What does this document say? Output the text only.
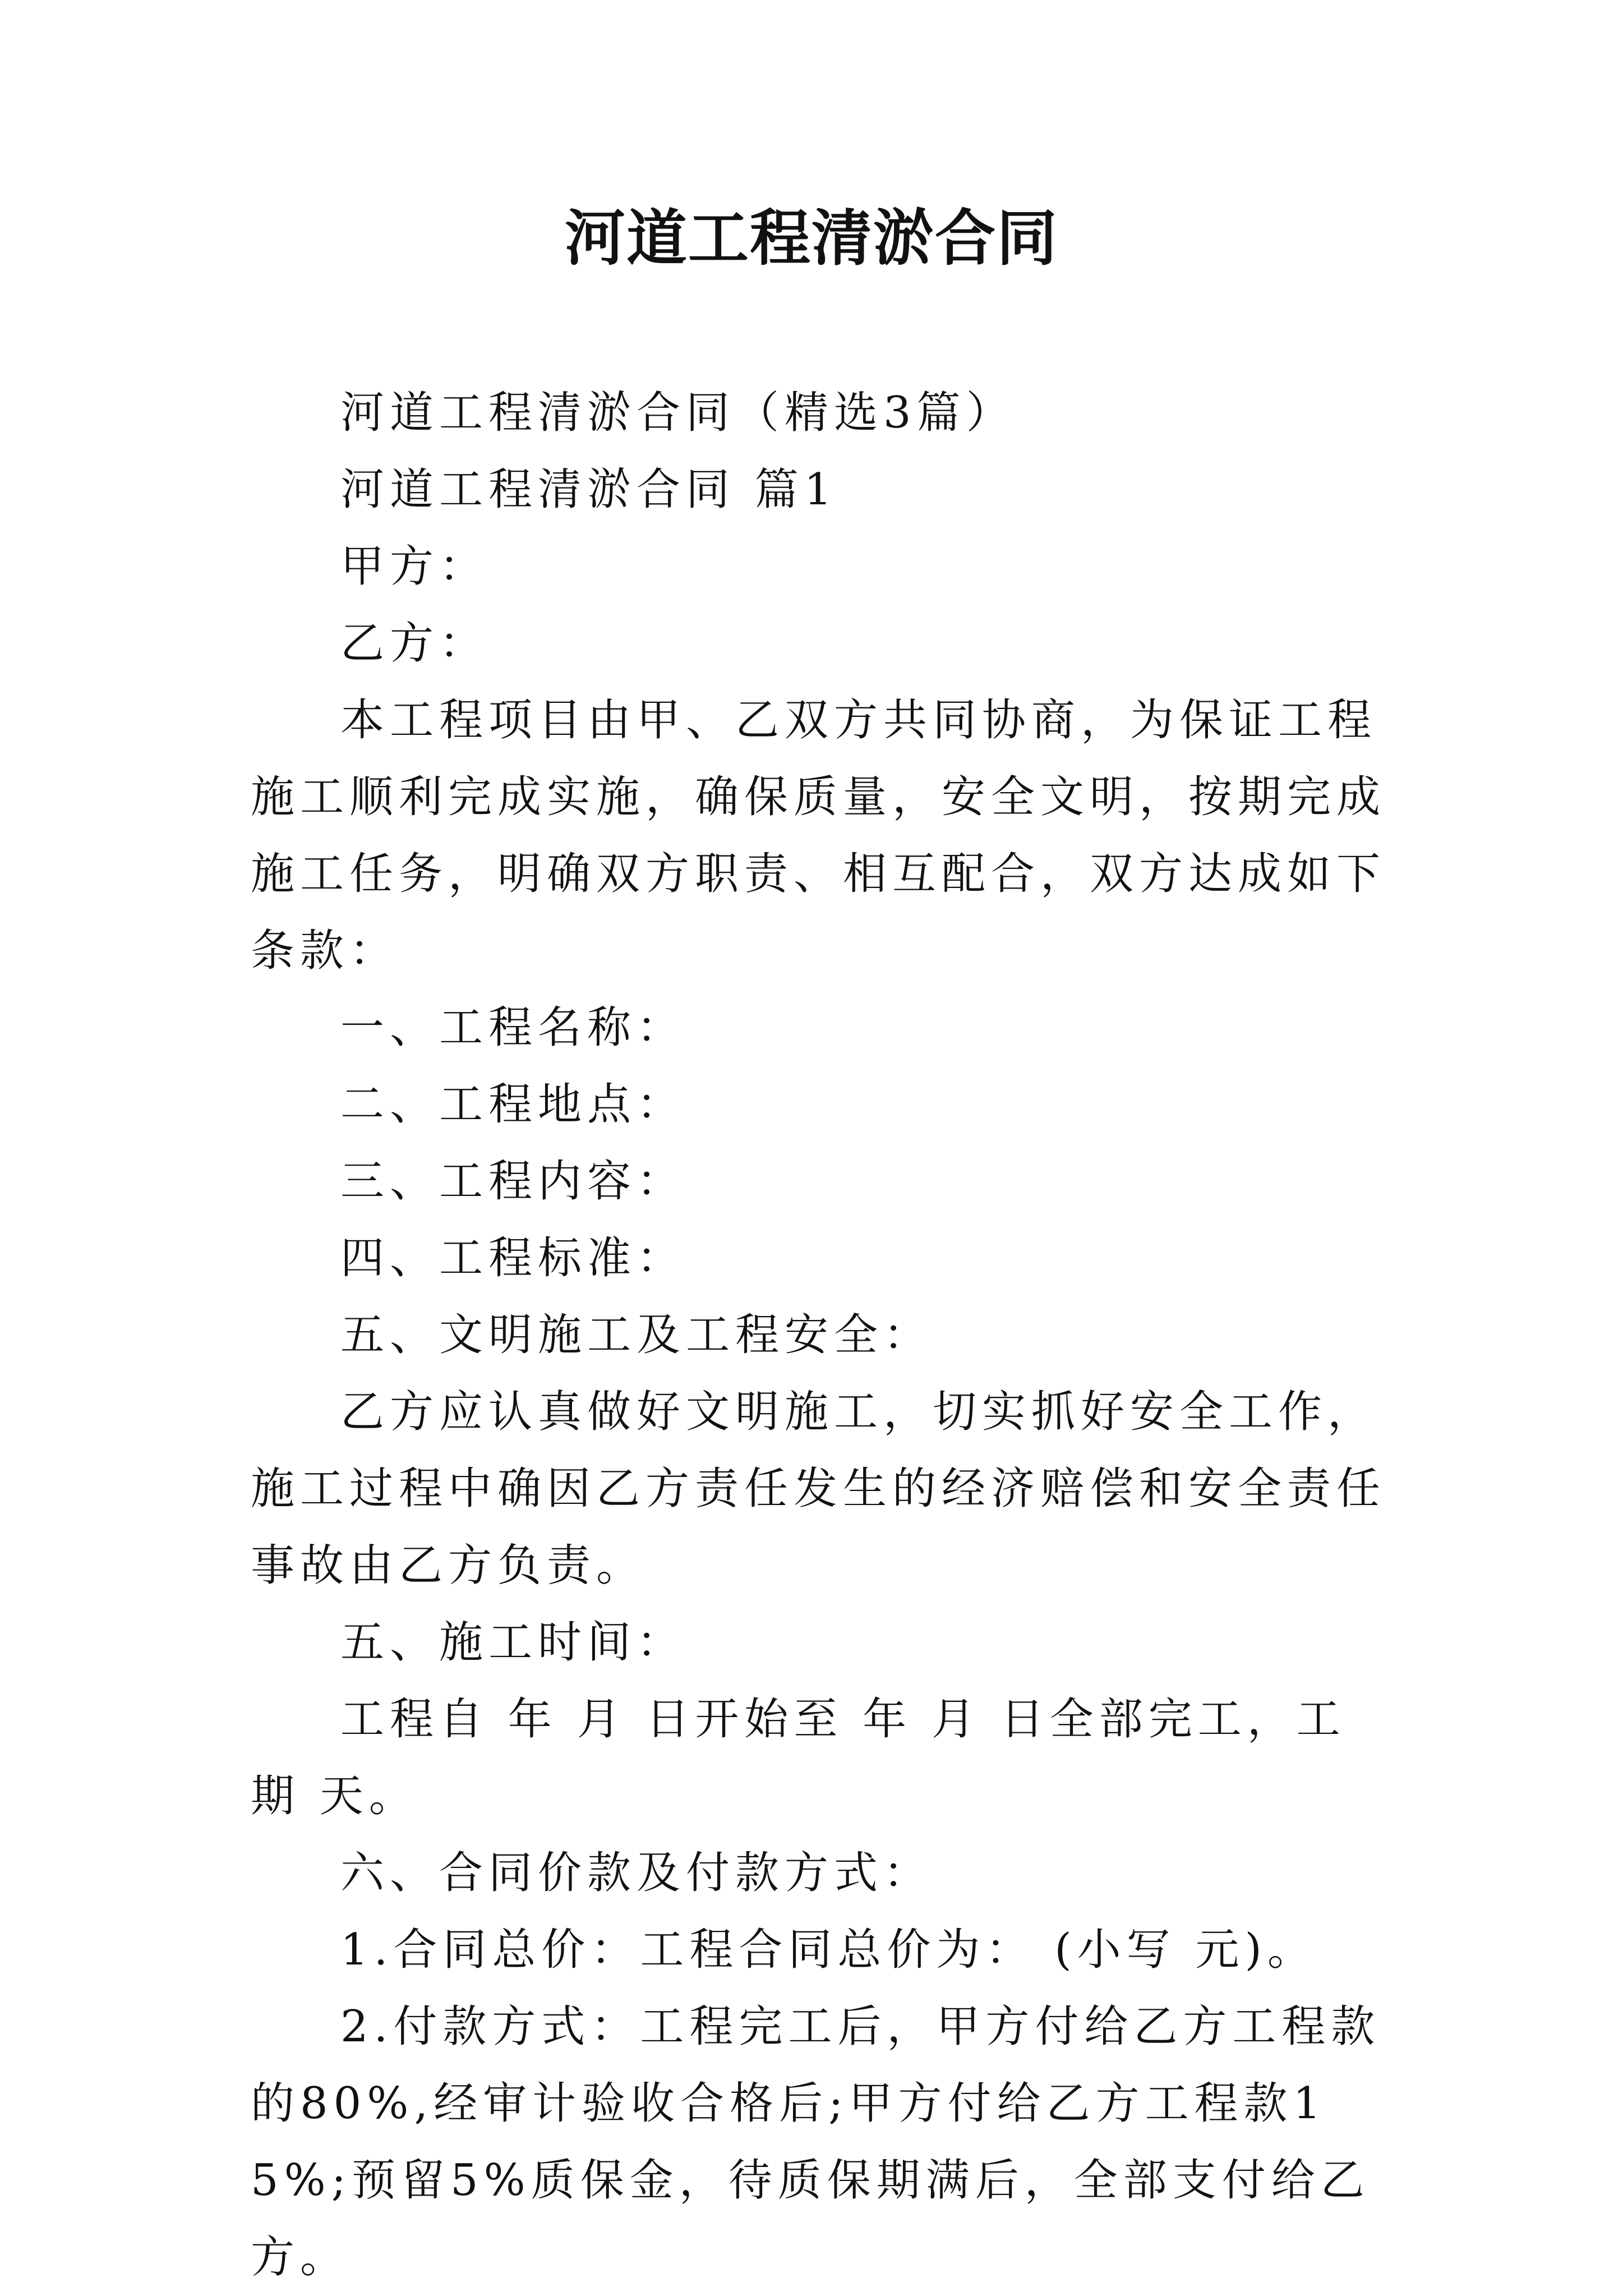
河道工程清淤合同

河道工程清淤合同（精选3篇）

河道工程清淤合同 篇1

甲方：

乙方：

本工程项目由甲、乙双方共同协商，为保证工程施工顺利完成实施，确保质量，安全文明，按期完成施工任务，明确双方职责、相互配合，双方达成如下条款：

一、工程名称：

二、工程地点：

三、工程内容：

四、工程标准：

五、文明施工及工程安全：

乙方应认真做好文明施工，切实抓好安全工作，施工过程中确因乙方责任发生的经济赔偿和安全责任事故由乙方负责。

五、施工时间：

工程自 年 月 日开始至 年 月 日全部完工，工期 天。

六、合同价款及付款方式：

1.合同总价：工程合同总价为： (小写 元)。

2.付款方式：工程完工后，甲方付给乙方工程款的80%,经审计验收合格后;甲方付给乙方工程款15%;预留5%质保金，待质保期满后，全部支付给乙方。
